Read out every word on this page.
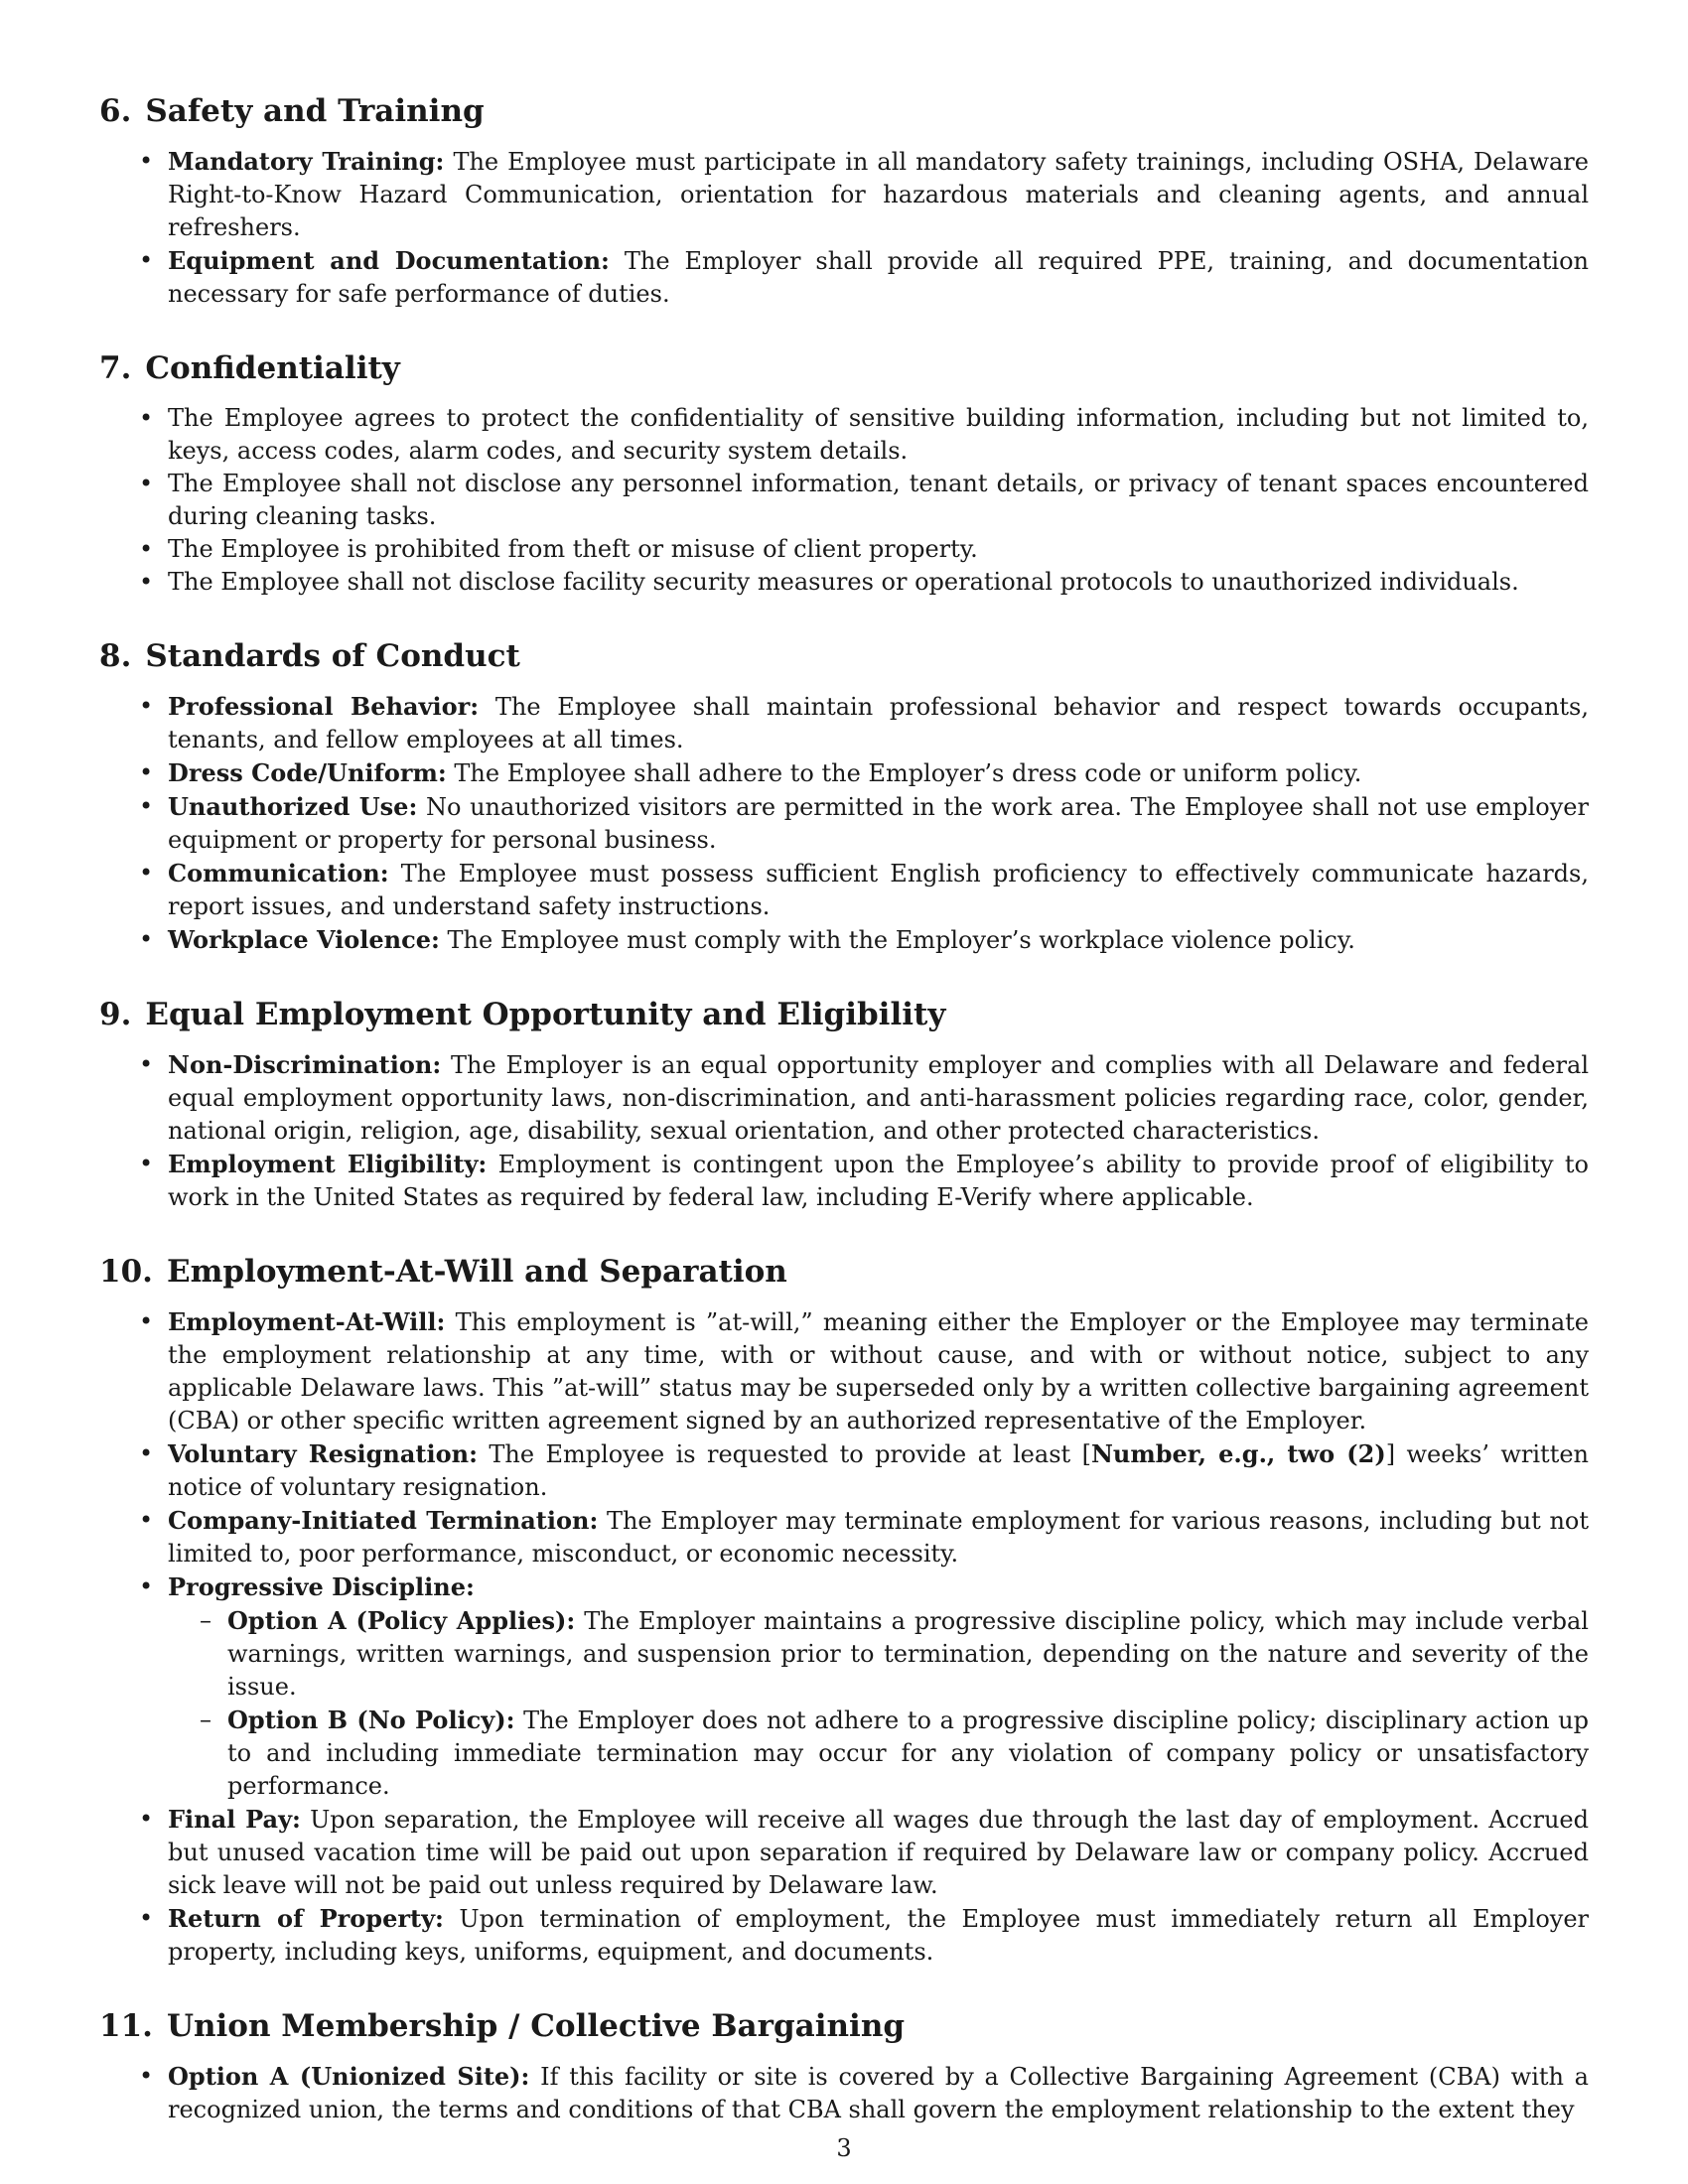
6. Safety and Training
• Mandatory Training: The Employee must participate in all mandatory safety trainings, including OSHA, Delaware Right-to-Know Hazard Communication, orientation for hazardous materials and cleaning agents, and annual refreshers.
• Equipment and Documentation: The Employer shall provide all required PPE, training, and documentation necessary for safe performance of duties.
7. Confidentiality
• The Employee agrees to protect the confidentiality of sensitive building information, including but not limited to, keys, access codes, alarm codes, and security system details.
• The Employee shall not disclose any personnel information, tenant details, or privacy of tenant spaces encountered during cleaning tasks.
• The Employee is prohibited from theft or misuse of client property.
• The Employee shall not disclose facility security measures or operational protocols to unauthorized individuals.
8. Standards of Conduct
• Professional Behavior: The Employee shall maintain professional behavior and respect towards occupants, tenants, and fellow employees at all times.
• Dress Code/Uniform: The Employee shall adhere to the Employer’s dress code or uniform policy.
• Unauthorized Use: No unauthorized visitors are permitted in the work area. The Employee shall not use employer equipment or property for personal business.
• Communication: The Employee must possess sufficient English proficiency to effectively communicate hazards, report issues, and understand safety instructions.
• Workplace Violence: The Employee must comply with the Employer’s workplace violence policy.
9. Equal Employment Opportunity and Eligibility
• Non-Discrimination: The Employer is an equal opportunity employer and complies with all Delaware and federal equal employment opportunity laws, non-discrimination, and anti-harassment policies regarding race, color, gender, national origin, religion, age, disability, sexual orientation, and other protected characteristics.
• Employment Eligibility: Employment is contingent upon the Employee’s ability to provide proof of eligibility to work in the United States as required by federal law, including E-Verify where applicable.
10. Employment-At-Will and Separation
• Employment-At-Will: This employment is ”at-will,” meaning either the Employer or the Employee may terminate the employment relationship at any time, with or without cause, and with or without notice, subject to any applicable Delaware laws. This ”at-will” status may be superseded only by a written collective bargaining agreement (CBA) or other specific written agreement signed by an authorized representative of the Employer.
• Voluntary Resignation: The Employee is requested to provide at least [Number, e.g., two (2)] weeks’ written notice of voluntary resignation.
• Company-Initiated Termination: The Employer may terminate employment for various reasons, including but not limited to, poor performance, misconduct, or economic necessity.
• Progressive Discipline:
– Option A (Policy Applies): The Employer maintains a progressive discipline policy, which may include verbal warnings, written warnings, and suspension prior to termination, depending on the nature and severity of the issue.
– Option B (No Policy): The Employer does not adhere to a progressive discipline policy; disciplinary action up to and including immediate termination may occur for any violation of company policy or unsatisfactory performance.
• Final Pay: Upon separation, the Employee will receive all wages due through the last day of employment. Accrued but unused vacation time will be paid out upon separation if required by Delaware law or company policy. Accrued sick leave will not be paid out unless required by Delaware law.
• Return of Property: Upon termination of employment, the Employee must immediately return all Employer property, including keys, uniforms, equipment, and documents.
11. Union Membership / Collective Bargaining
• Option A (Unionized Site): If this facility or site is covered by a Collective Bargaining Agreement (CBA) with a recognized union, the terms and conditions of that CBA shall govern the employment relationship to the extent they
3
